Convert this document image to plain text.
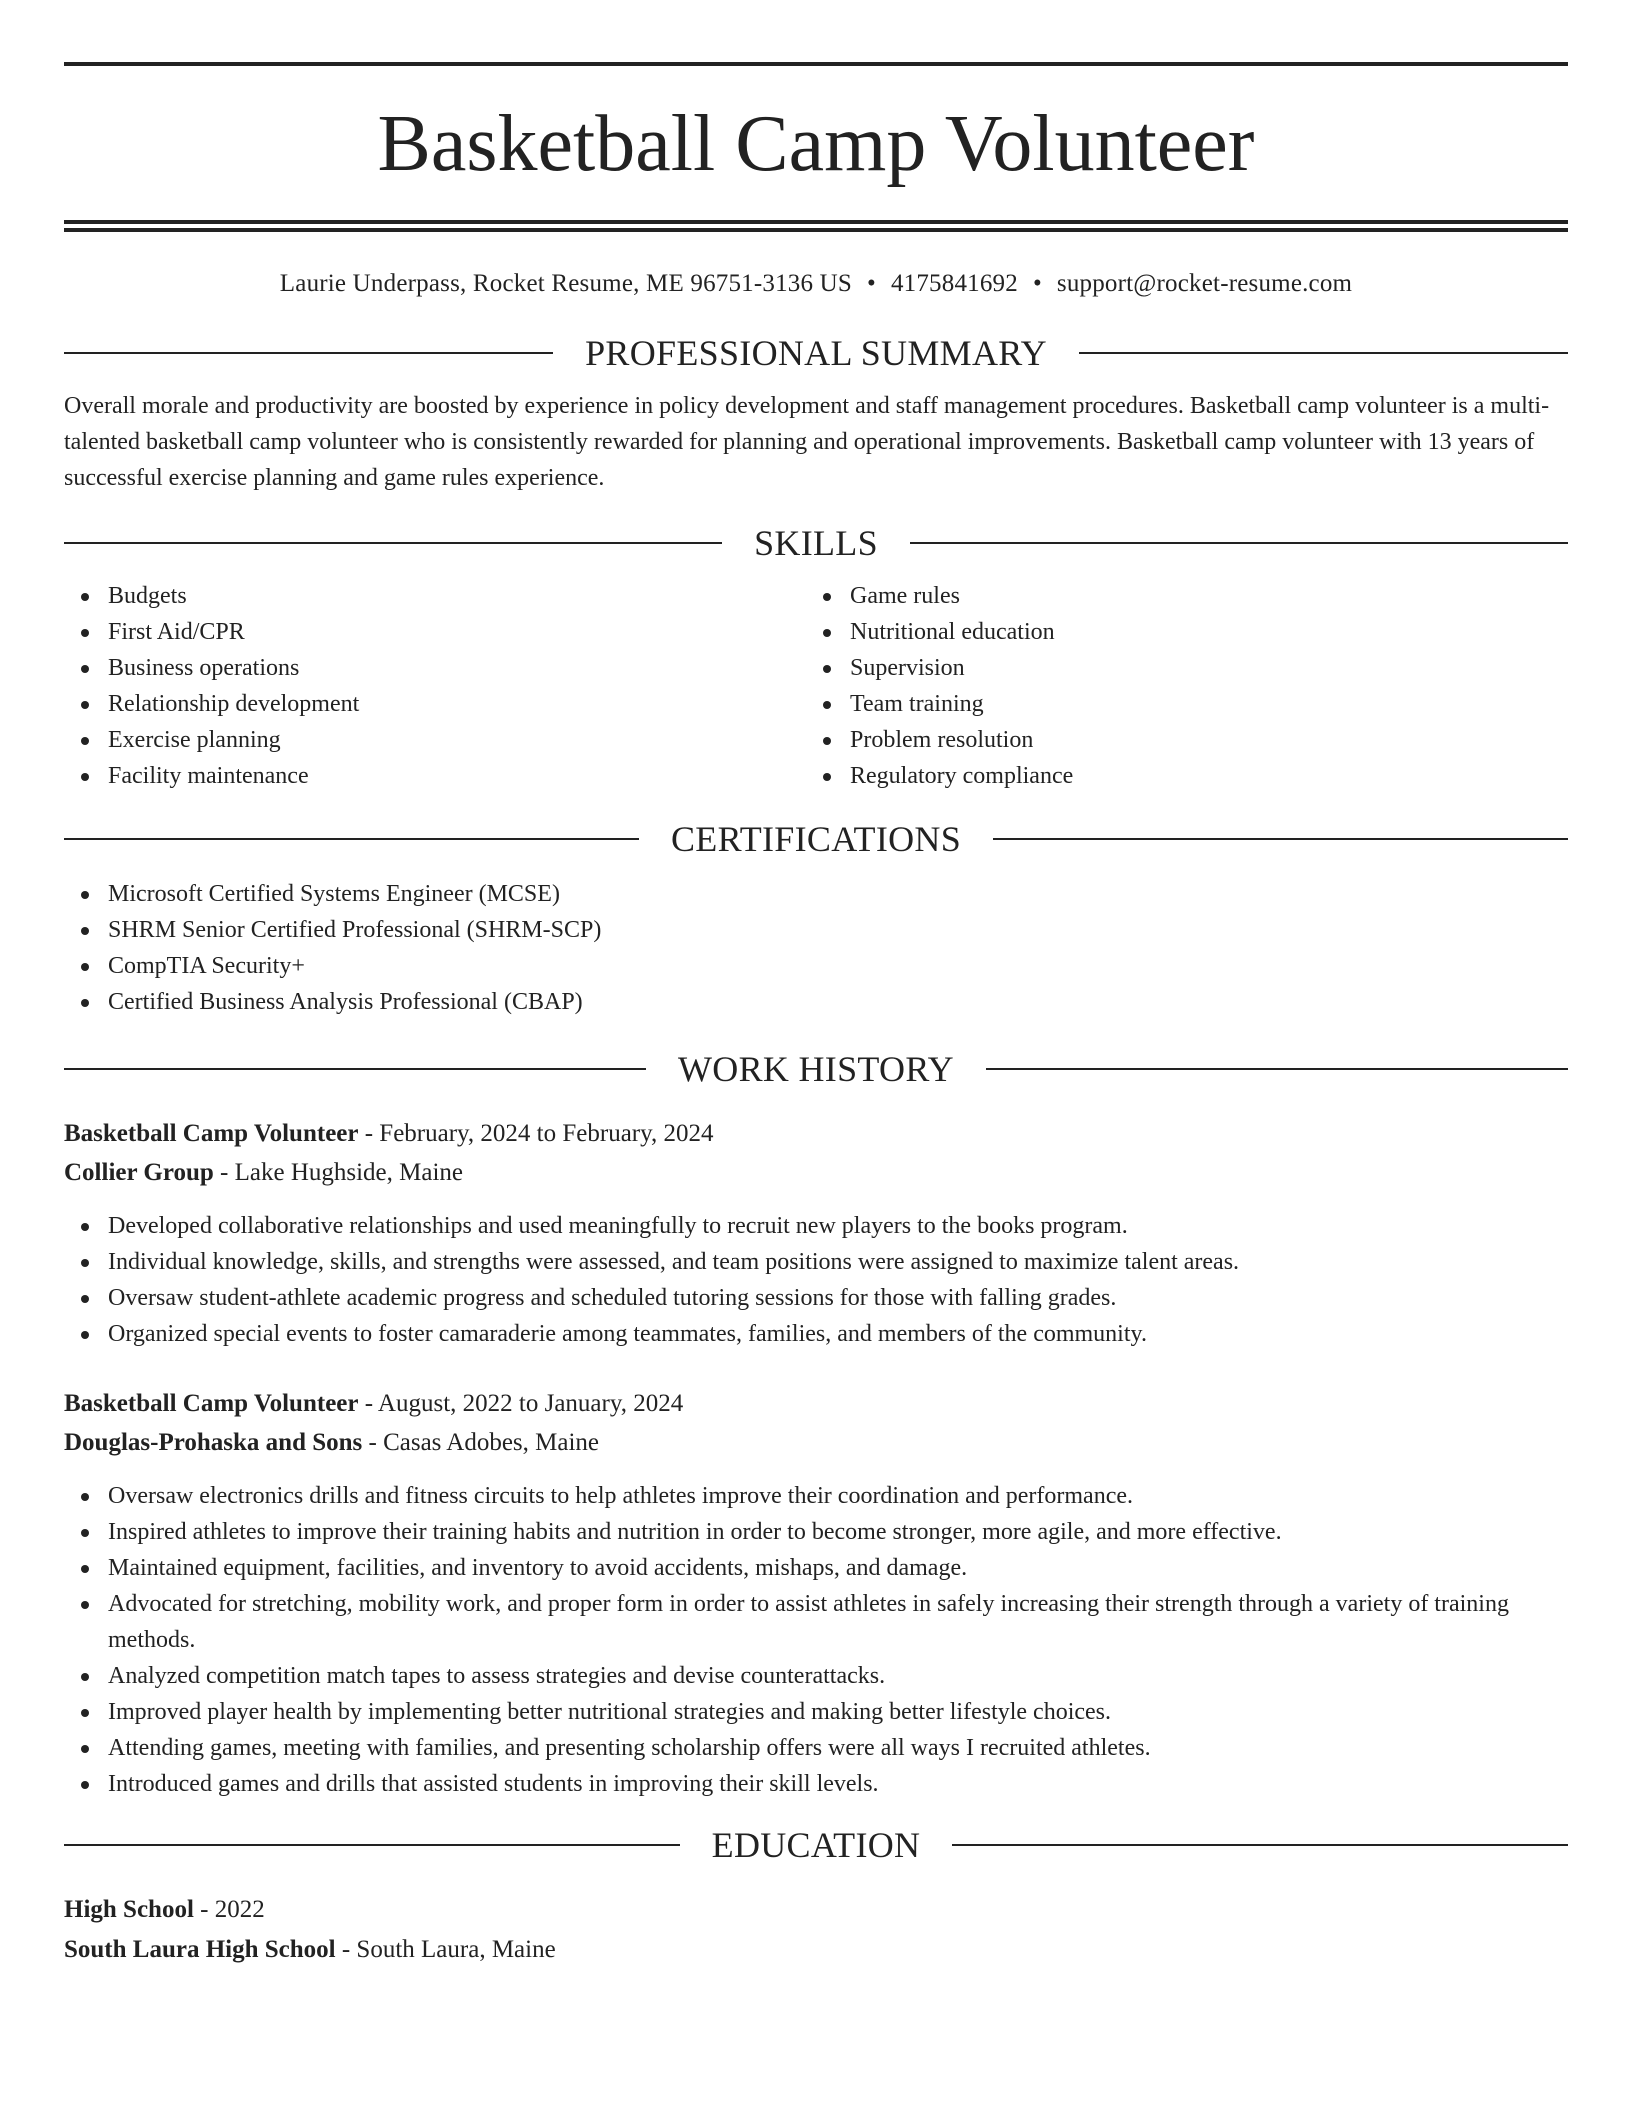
Basketball Camp Volunteer
Laurie Underpass, Rocket Resume, ME 96751-3136 US • 4175841692 • support@rocket-resume.com
PROFESSIONAL SUMMARY

Overall morale and productivity are boosted by experience in policy development and staff management procedures. Basketball camp volunteer is a multi-talented basketball camp volunteer who is consistently rewarded for planning and operational improvements. Basketball camp volunteer with 13 years of successful exercise planning and game rules experience.

SKILLS
Budgets
First Aid/CPR
Business operations
Relationship development
Exercise planning
Facility maintenance
Game rules
Nutritional education
Supervision
Team training
Problem resolution
Regulatory compliance
CERTIFICATIONS
Microsoft Certified Systems Engineer (MCSE)
SHRM Senior Certified Professional (SHRM-SCP)
CompTIA Security+
Certified Business Analysis Professional (CBAP)
WORK HISTORY
Basketball Camp Volunteer - February, 2024 to February, 2024
Collier Group - Lake Hughside, Maine
Developed collaborative relationships and used meaningfully to recruit new players to the books program.
Individual knowledge, skills, and strengths were assessed, and team positions were assigned to maximize talent areas.
Oversaw student-athlete academic progress and scheduled tutoring sessions for those with falling grades.
Organized special events to foster camaraderie among teammates, families, and members of the community.
Basketball Camp Volunteer - August, 2022 to January, 2024
Douglas-Prohaska and Sons - Casas Adobes, Maine
Oversaw electronics drills and fitness circuits to help athletes improve their coordination and performance.
Inspired athletes to improve their training habits and nutrition in order to become stronger, more agile, and more effective.
Maintained equipment, facilities, and inventory to avoid accidents, mishaps, and damage.
Advocated for stretching, mobility work, and proper form in order to assist athletes in safely increasing their strength through a variety of training methods.
Analyzed competition match tapes to assess strategies and devise counterattacks.
Improved player health by implementing better nutritional strategies and making better lifestyle choices.
Attending games, meeting with families, and presenting scholarship offers were all ways I recruited athletes.
Introduced games and drills that assisted students in improving their skill levels.
EDUCATION
High School - 2022
South Laura High School - South Laura, Maine
